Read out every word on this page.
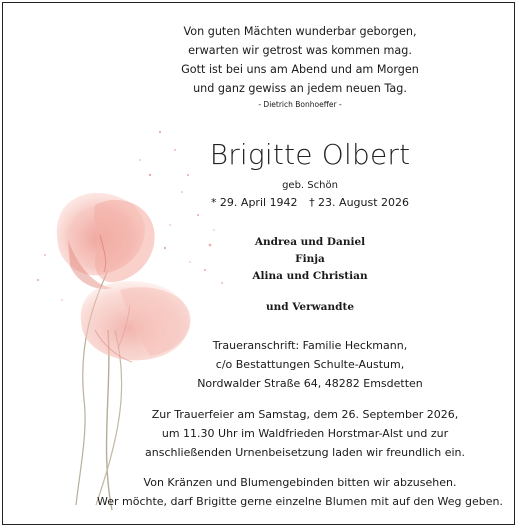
Von guten Mächten wunderbar geborgen,
erwarten wir getrost was kommen mag.
Gott ist bei uns am Abend und am Morgen
und ganz gewiss an jedem neuen Tag.
- Dietrich Bonhoeffer -
Brigitte Olbert
geb. Schön
* 29. April 1942 † 23. August 2026
Andrea und Daniel
Finja
Alina und Christian
und Verwandte
Traueranschrift: Familie Heckmann,
c/o Bestattungen Schulte-Austum,
Nordwalder Straße 64, 48282 Emsdetten
Zur Trauerfeier am Samstag, dem 26. September 2026,
um 11.30 Uhr im Waldfrieden Horstmar-Alst und zur
anschließenden Urnenbeisetzung laden wir freundlich ein.
Von Kränzen und Blumengebinden bitten wir abzusehen.
Wer möchte, darf Brigitte gerne einzelne Blumen mit auf den Weg geben.
